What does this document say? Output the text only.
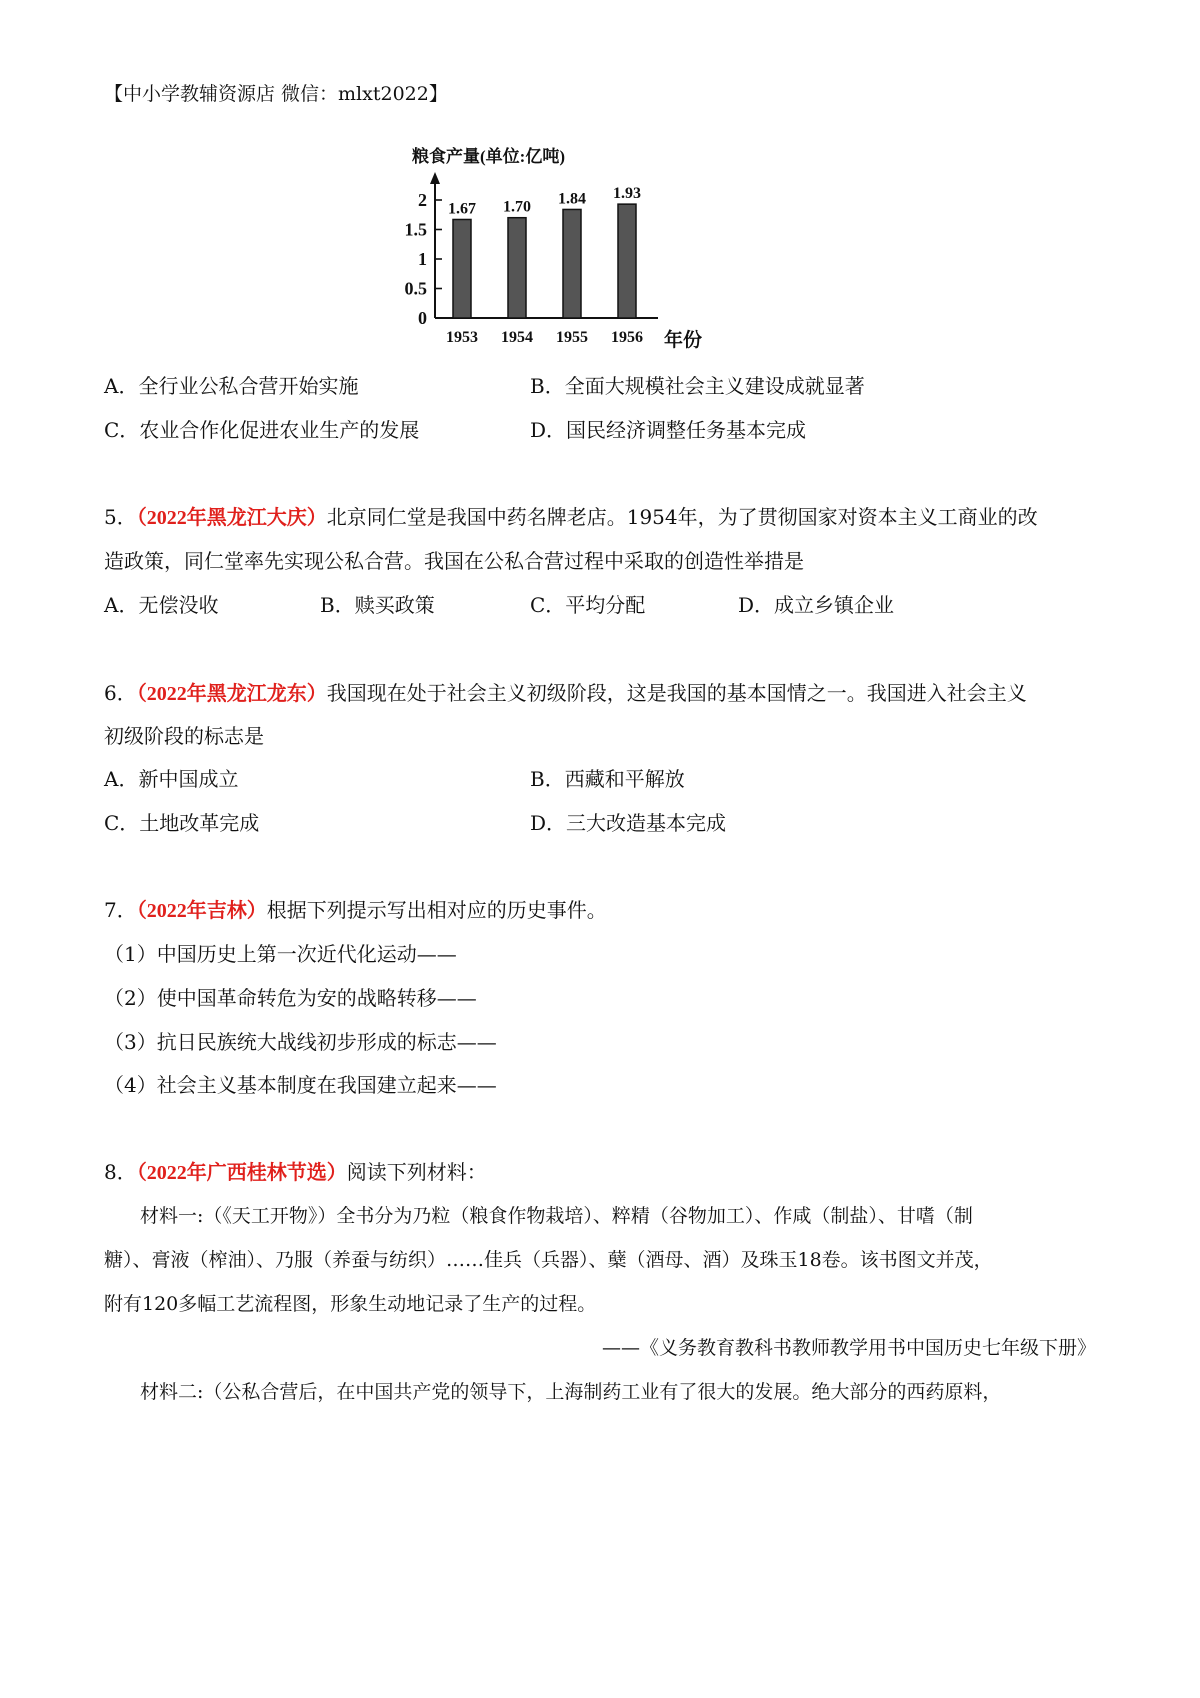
【中小学教辅资源店 微信：mlxt2022】
粮食产量(单位:亿吨)
0
0.5
1
1.5
2 1.67
1953
1.70
1954
1.84
1955
1.93
1956 年份
A．全行业公私合营开始实施	B．全面大规模社会主义建设成就显著
C．农业合作化促进农业生产的发展	D．国民经济调整任务基本完成
5．（2022年黑龙江大庆）北京同仁堂是我国中药名牌老店。1954年，为了贯彻国家对资本主义工商业的改
造政策，同仁堂率先实现公私合营。我国在公私合营过程中采取的创造性举措是
A．无偿没收	B．赎买政策	C．平均分配	D．成立乡镇企业
6．（2022年黑龙江龙东）我国现在处于社会主义初级阶段，这是我国的基本国情之一。我国进入社会主义
初级阶段的标志是
A．新中国成立	B．西藏和平解放
C．土地改革完成	D．三大改造基本完成
7．（2022年吉林）根据下列提示写出相对应的历史事件。
（1）中国历史上第一次近代化运动——
（2）使中国革命转危为安的战略转移——
（3）抗日民族统大战线初步形成的标志——
（4）社会主义基本制度在我国建立起来——
8．（2022年广西桂林节选）阅读下列材料：
材料一:（《天工开物》）全书分为乃粒（粮食作物栽培）、粹精（谷物加工）、作咸（制盐）、甘嗜（制
糖）、膏液（榨油）、乃服（养蚕与纺织）……佳兵（兵器）、蘖（酒母、酒）及珠玉18卷。该书图文并茂，
附有120多幅工艺流程图，形象生动地记录了生产的过程。
——《义务教育教科书教师教学用书中国历史七年级下册》
材料二:（公私合营后，在中国共产党的领导下，上海制药工业有了很大的发展。绝大部分的西药原料，
